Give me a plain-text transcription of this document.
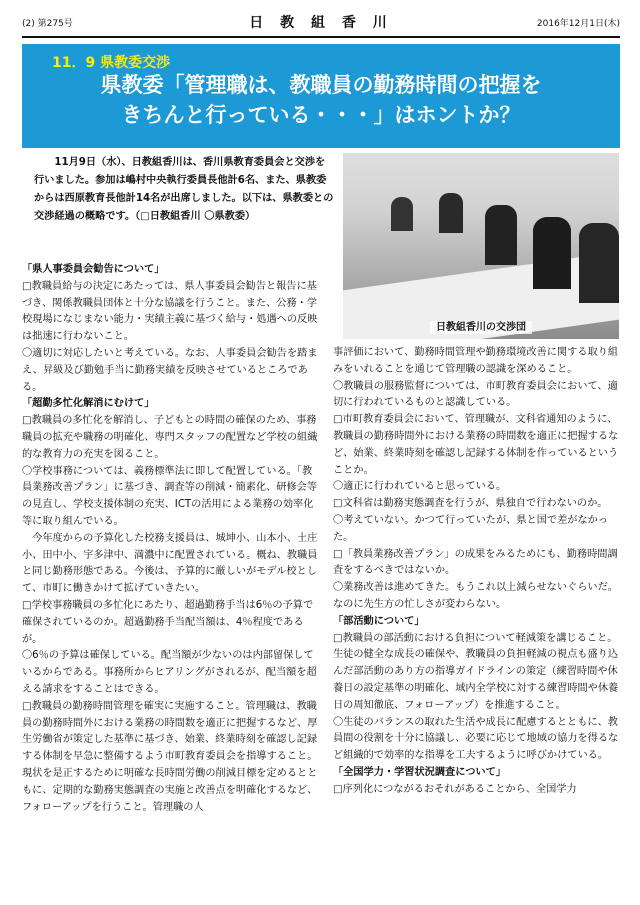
(2) 第275号	日 教 組 香 川	2016年12月1日(木)
11．9 県教委交渉
県教委「管理職は、教職員の勤務時間の把握を
きちんと行っている・・・」はホントか？

11月9日（水）、日教組香川は、香川県教育委員会と交渉を行いました。参加は嶋村中央執行委員長他計6名、また、県教委からは西原教育長他計14名が出席しました。以下は、県教委との交渉経過の概略です。（□日教組香川 〇県教委）

日教組香川の交渉団

「県人事委員会勧告について」

□教職員給与の決定にあたっては、県人事委員会勧告と報告に基づき、関係教職員団体と十分な協議を行うこと。また、公務・学校現場になじまない能力・実績主義に基づく給与・処遇への反映は拙速に行わないこと。

〇適切に対応したいと考えている。なお、人事委員会勧告を踏まえ、昇級及び勤勉手当に勤務実績を反映させているところである。

「超勤多忙化解消にむけて」

□教職員の多忙化を解消し、子どもとの時間の確保のため、事務職員の拡充や職務の明確化、専門スタッフの配置など学校の組織的な教育力の充実を図ること。

〇学校事務については、義務標準法に即して配置している。「教員業務改善プラン」に基づき、調査等の削減・簡素化、研修会等の見直し、学校支援体制の充実、ICTの活用による業務の効率化等に取り組んでいる。

今年度からの予算化した校務支援員は、城坤小、山本小、土庄小、田中小、宇多津中、満濃中に配置されている。概ね、教職員と同じ勤務形態である。今後は、予算的に厳しいがモデル校として、市町に働きかけて拡げていきたい。

□学校事務職員の多忙化にあたり、超過勤務手当は6％の予算で確保されているのか。超過勤務手当配当額は、4％程度であるが。

〇6％の予算は確保している。配当額が少ないのは内部留保しているからである。事務所からヒアリングがされるが、配当額を超える請求をすることはできる。

□教職員の勤務時間管理を確実に実施すること。管理職は、教職員の勤務時間外における業務の時間数を適正に把握するなど、厚生労働省が策定した基準に基づき、始業、終業時刻を確認し記録する体制を早急に整備するよう市町教育委員会を指導すること。現状を是正するために明確な長時間労働の削減目標を定めるとともに、定期的な勤務実態調査の実施と改善点を明確化するなど、フォローアップを行うこと。管理職の人

事評価において、勤務時間管理や勤務環境改善に関する取り組みをいれることを通じて管理職の認識を深めること。

〇教職員の服務監督については、市町教育委員会において、適切に行われているものと認識している。

□市町教育委員会において、管理職が、文科省通知のように、教職員の勤務時間外における業務の時間数を適正に把握するなど、始業、終業時刻を確認し記録する体制を作っているということか。

〇適正に行われていると思っている。

□文科省は勤務実態調査を行うが、県独自で行わないのか。

〇考えていない。かつて行っていたが、県と国で差がなかった。

□「教員業務改善プラン」の成果をみるためにも、勤務時間調査をするべきではないか。

〇業務改善は進めてきた。もうこれ以上減らせないぐらいだ。なのに先生方の忙しさが変わらない。

「部活動について」

□教職員の部活動における負担について軽減策を講じること。生徒の健全な成長の確保や、教職員の負担軽減の視点も盛り込んだ部活動のあり方の指導ガイドラインの策定（練習時間や休養日の設定基準の明確化、域内全学校に対する練習時間や休養日の周知徹底、フォローアップ）を推進すること。

〇生徒のバランスの取れた生活や成長に配慮するとともに、教員間の役割を十分に協議し、必要に応じて地域の協力を得るなど組織的で効率的な指導を工夫するように呼びかけている。

「全国学力・学習状況調査について」

□序列化につながるおそれがあることから、全国学力
